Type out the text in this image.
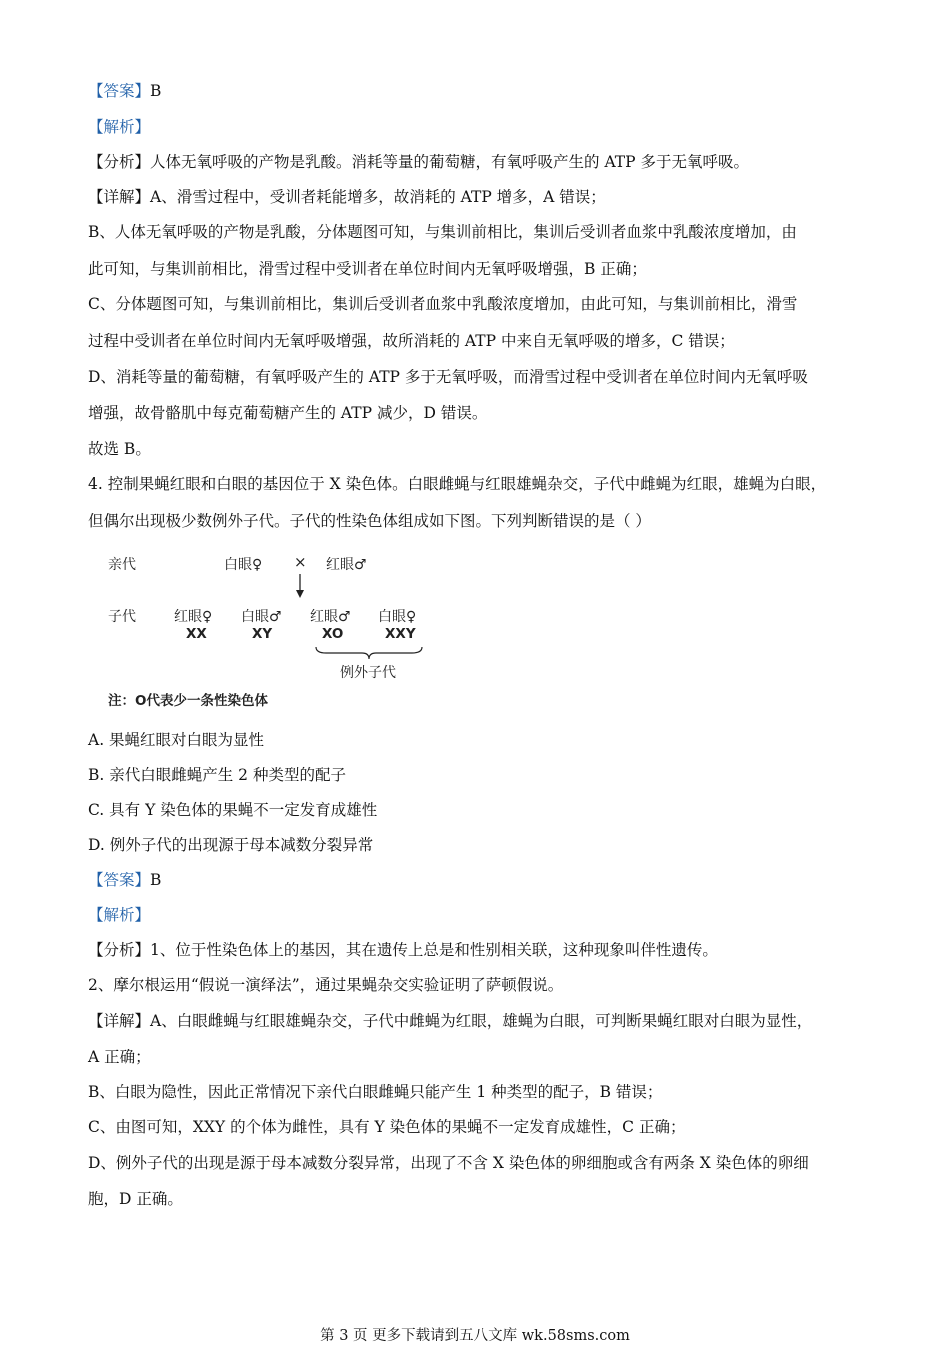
【答案】B
【解析】
【分析】人体无氧呼吸的产物是乳酸。消耗等量的葡萄糖，有氧呼吸产生的 ATP 多于无氧呼吸。
【详解】A、滑雪过程中，受训者耗能增多，故消耗的 ATP 增多，A 错误；
B、人体无氧呼吸的产物是乳酸，分体题图可知，与集训前相比，集训后受训者血浆中乳酸浓度增加，由
此可知，与集训前相比，滑雪过程中受训者在单位时间内无氧呼吸增强，B 正确；
C、分体题图可知，与集训前相比，集训后受训者血浆中乳酸浓度增加，由此可知，与集训前相比，滑雪
过程中受训者在单位时间内无氧呼吸增强，故所消耗的 ATP 中来自无氧呼吸的增多，C 错误；
D、消耗等量的葡萄糖，有氧呼吸产生的 ATP 多于无氧呼吸，而滑雪过程中受训者在单位时间内无氧呼吸
增强，故骨骼肌中每克葡萄糖产生的 ATP 减少，D 错误。
故选 B。
4. 控制果蝇红眼和白眼的基因位于 X 染色体。白眼雌蝇与红眼雄蝇杂交，子代中雌蝇为红眼，雄蝇为白眼，
但偶尔出现极少数例外子代。子代的性染色体组成如下图。下列判断错误的是（ ）
亲代	白眼♀ × 红眼♂
子代	红眼♀
XX
白眼♂
XY
红眼♂
XO
白眼♀
XXY
例外子代
注：O代表少一条性染色体
A. 果蝇红眼对白眼为显性
B. 亲代白眼雌蝇产生 2 种类型的配子
C. 具有 Y 染色体的果蝇不一定发育成雄性
D. 例外子代的出现源于母本减数分裂异常
【答案】B
【解析】
【分析】1、位于性染色体上的基因，其在遗传上总是和性别相关联，这种现象叫伴性遗传。
2、摩尔根运用“假说一演绎法”，通过果蝇杂交实验证明了萨顿假说。
【详解】A、白眼雌蝇与红眼雄蝇杂交，子代中雌蝇为红眼，雄蝇为白眼，可判断果蝇红眼对白眼为显性，
A 正确；
B、白眼为隐性，因此正常情况下亲代白眼雌蝇只能产生 1 种类型的配子，B 错误；
C、由图可知，XXY 的个体为雌性，具有 Y 染色体的果蝇不一定发育成雄性，C 正确；
D、例外子代的出现是源于母本减数分裂异常，出现了不含 X 染色体的卵细胞或含有两条 X 染色体的卵细
胞，D 正确。
第 3 页 更多下载请到五八文库 wk.58sms.com
